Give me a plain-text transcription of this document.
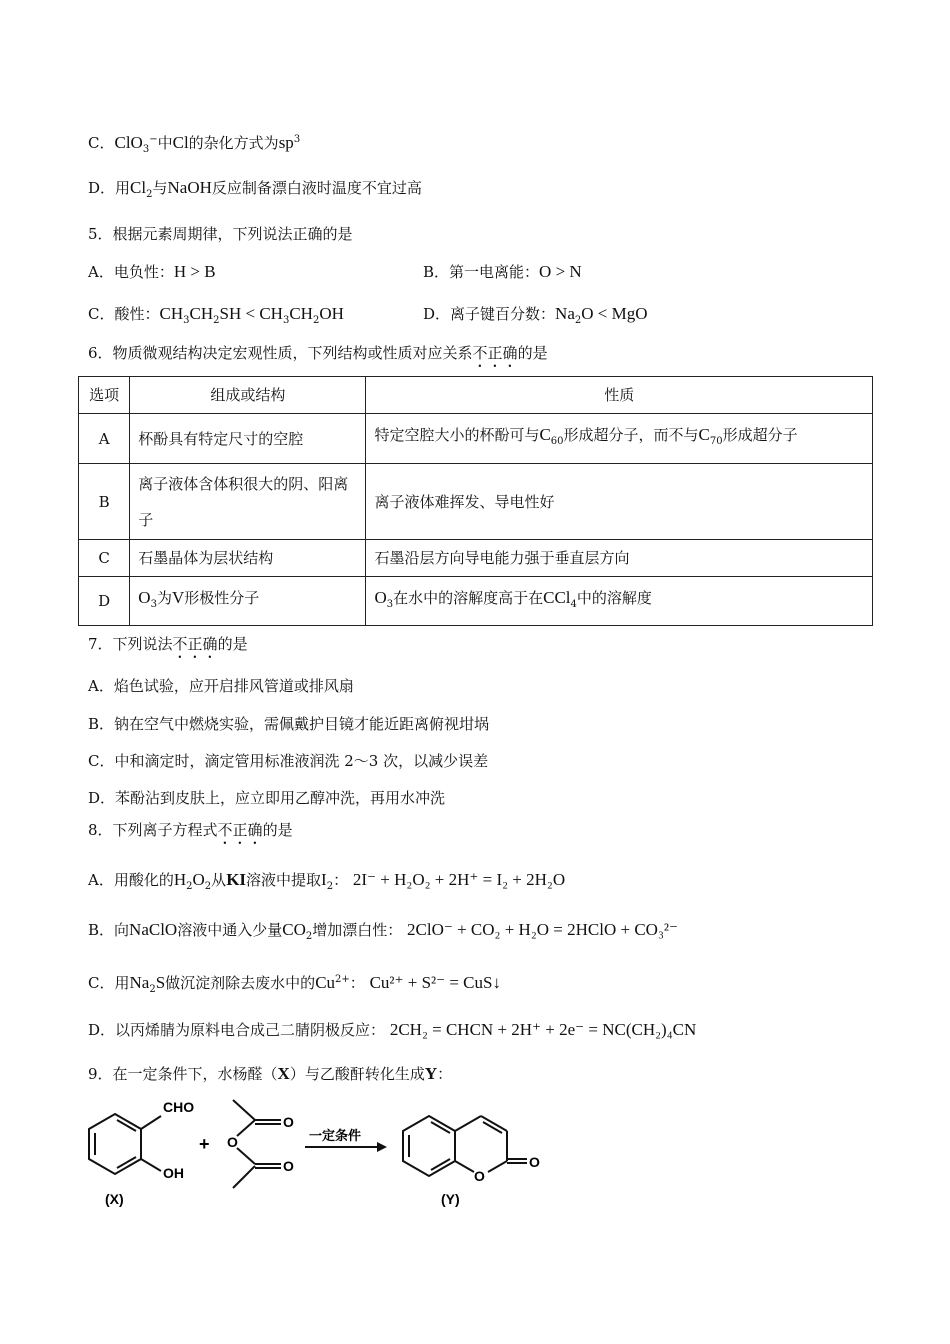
C．ClO$_3$−中Cl的杂化方式为$sp^3$
D．用$Cl_2$与NaOH反应制备漂白液时温度不宜过高
5．根据元素周期律，下列说法正确的是
A．电负性：H > B	B．第一电离能：O > N
C．酸性：$CH_3CH_2SH < CH_3CH_2OH$	D．离子键百分数：$Na_2O$ < MgO
6．物质微观结构决定宏观性质，下列结构或性质对应关系不正确的是
选项	组成或结构	性质
A	杯酚具有特定尺寸的空腔	特定空腔大小的杯酚可与$C_{60}$形成超分子，而不与$C_{70}$形成超分子
B	离子液体含体积很大的阴、阳离子	离子液体难挥发、导电性好
C	石墨晶体为层状结构	石墨沿层方向导电能力强于垂直层方向
D	$O_3$为V形极性分子	$O_3$在水中的溶解度高于在CCl$_4$中的溶解度
7．下列说法不正确的是
A．焰色试验，应开启排风管道或排风扇
B．钠在空气中燃烧实验，需佩戴护目镜才能近距离俯视坩埚
C．中和滴定时，滴定管用标准液润洗 2～3 次，以减少误差
D．苯酚沾到皮肤上，应立即用乙醇冲洗，再用水冲洗
8．下列离子方程式不正确的是
A．用酸化的$H_2O_2$从KI溶液中提取$I_2$： 2I⁻ + H₂O₂ + 2H⁺ = I₂ + 2H₂O
B．向NaClO溶液中通入少量$CO_2$增加漂白性： 2ClO⁻ + CO₂ + H₂O = 2HClO + CO₃²⁻
C．用$Na_2S$做沉淀剂除去废水中的$Cu^{2+}$： Cu²⁺ + S²⁻ = CuS↓
D．以丙烯腈为原料电合成己二腈阴极反应： 2CH₂ = CHCN + 2H⁺ + 2e⁻ = NC(CH₂)₄CN
9．在一定条件下，水杨醛（X）与乙酸酐转化生成Y：
CHO
OH
(X)
+
O
O
O
一定条件
O
O
(Y)
